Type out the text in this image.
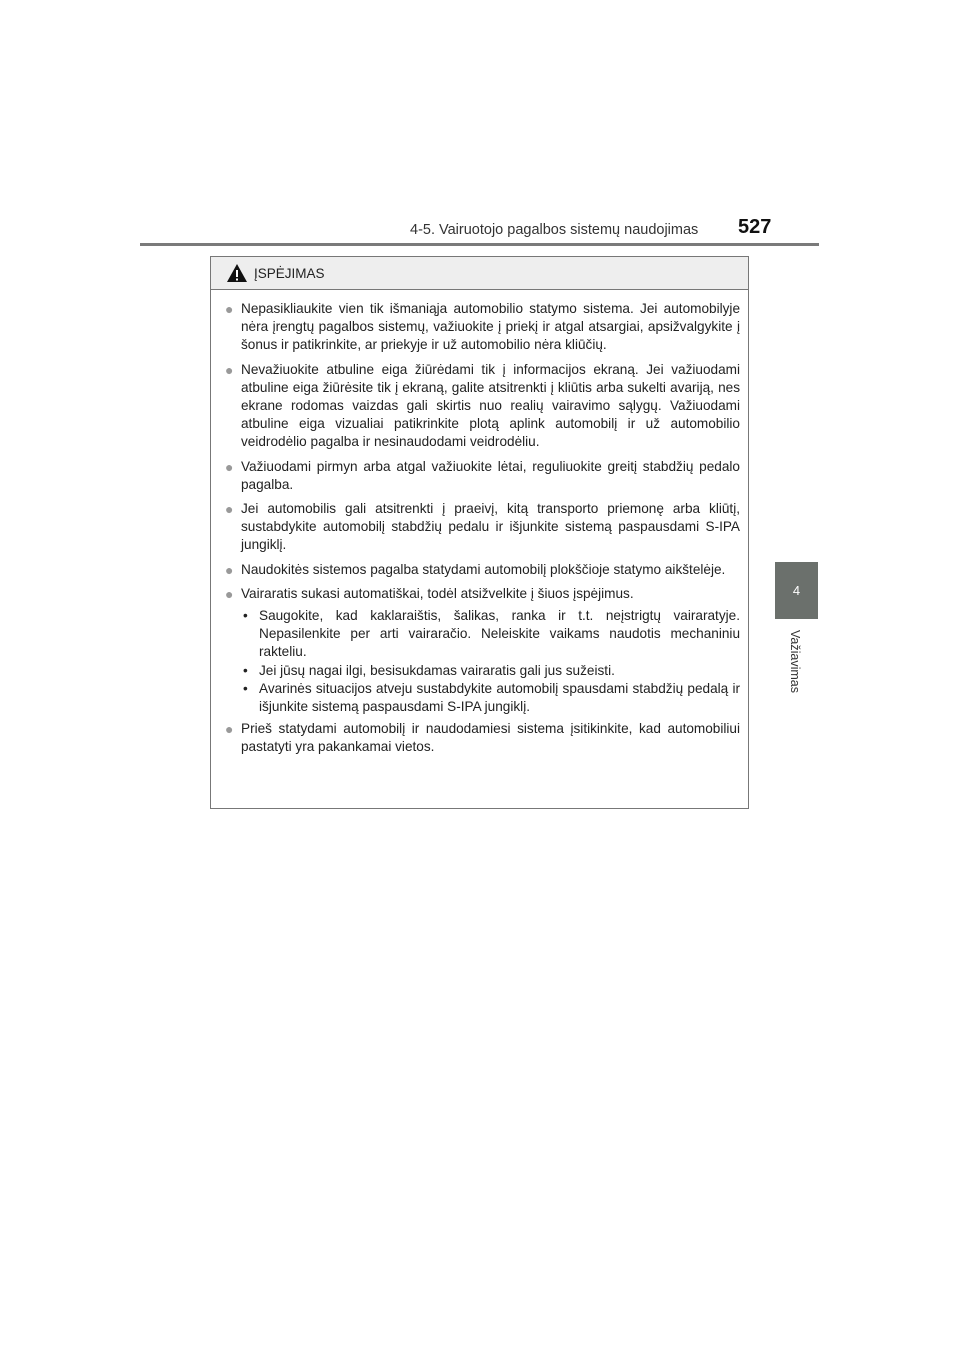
4-5. Vairuotojo pagalbos sistemų naudojimas 527
4
Važiavimas
ĮSPĖJIMAS
● Nepasikliaukite vien tik išmaniąja automobilio statymo sistema. Jei automobilyje nėra įrengtų pagalbos sistemų, važiuokite į priekį ir atgal atsargiai, apsižvalgykite į šonus ir patikrinkite, ar priekyje ir už automobilio nėra kliūčių.
● Nevažiuokite atbuline eiga žiūrėdami tik į informacijos ekraną. Jei važiuodami atbuline eiga žiūrėsite tik į ekraną, galite atsitrenkti į kliūtis arba sukelti avariją, nes ekrane rodomas vaizdas gali skirtis nuo realių vairavimo sąlygų. Važiuodami atbuline eiga vizualiai patikrinkite plotą aplink automobilį ir už automobilio veidrodėlio pagalba ir nesinaudodami veidrodėliu.
● Važiuodami pirmyn arba atgal važiuokite lėtai, reguliuokite greitį stabdžių pedalo pagalba.
● Jei automobilis gali atsitrenkti į praeivį, kitą transporto priemonę arba kliūtį, sustabdykite automobilį stabdžių pedalu ir išjunkite sistemą paspausdami S-IPA jungiklį.
● Naudokitės sistemos pagalba statydami automobilį plokščioje statymo aikštelėje.
● Vairaratis sukasi automatiškai, todėl atsižvelkite į šiuos įspėjimus.
• Saugokite, kad kaklaraištis, šalikas, ranka ir t.t. neįstrigtų vairaratyje. Nepasilenkite per arti vairaračio. Neleiskite vaikams naudotis mechaniniu rakteliu.
• Jei jūsų nagai ilgi, besisukdamas vairaratis gali jus sužeisti.
• Avarinės situacijos atveju sustabdykite automobilį spausdami stabdžių pedalą ir išjunkite sistemą paspausdami S-IPA jungiklį.
● Prieš statydami automobilį ir naudodamiesi sistema įsitikinkite, kad automobiliui pastatyti yra pakankamai vietos.
